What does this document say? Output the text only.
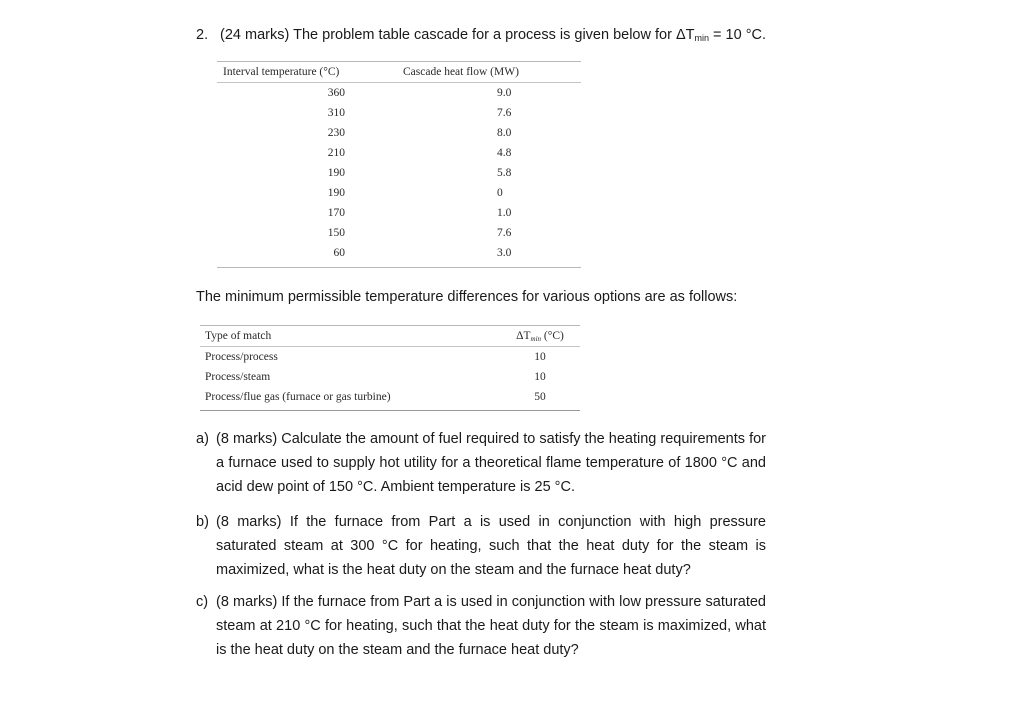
2. (24 marks) The problem table cascade for a process is given below for $\Delta T_{min} = 10$ °C.
Interval temperature (°C)	Cascade heat flow (MW)
360	9.0
310	7.6
230	8.0
210	4.8
190	5.8
190	0
170	1.0
150	7.6
60	3.0
The minimum permissible temperature differences for various options are as follows:
Type of match	$\Delta T_{min}$ (°C)
Process/process	10
Process/steam	10
Process/flue gas (furnace or gas turbine)	50
a) (8 marks) Calculate the amount of fuel required to satisfy the heating requirements for a furnace used to supply hot utility for a theoretical flame temperature of 1800 °C and acid dew point of 150 °C. Ambient temperature is 25 °C.
b) (8 marks) If the furnace from Part a is used in conjunction with high pressure saturated steam at 300 °C for heating, such that the heat duty for the steam is maximized, what is the heat duty on the steam and the furnace heat duty?
c) (8 marks) If the furnace from Part a is used in conjunction with low pressure saturated steam at 210 °C for heating, such that the heat duty for the steam is maximized, what is the heat duty on the steam and the furnace heat duty?
